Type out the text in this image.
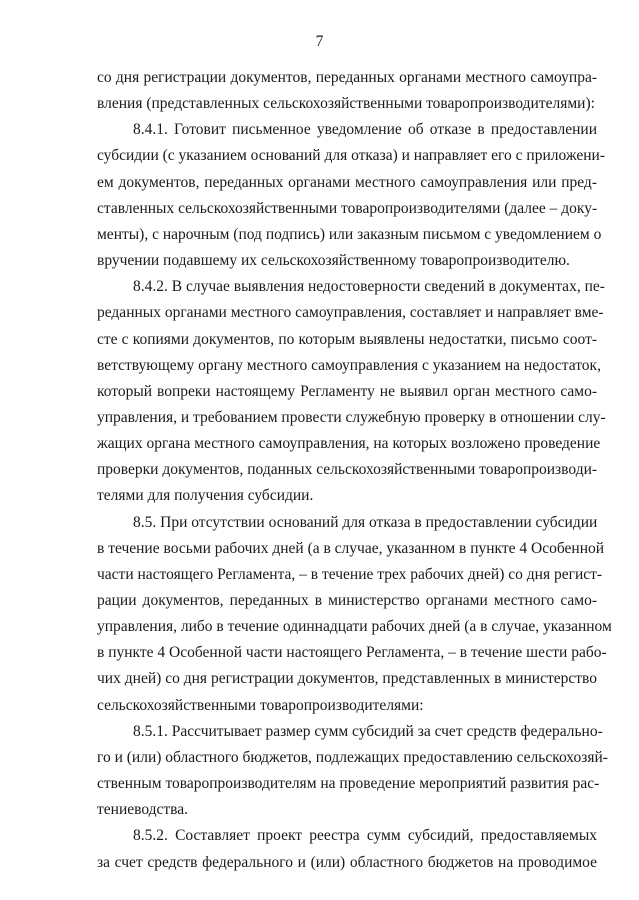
7
со дня регистрации документов, переданных органами местного самоупра-
вления (представленных сельскохозяйственными товаропроизводителями):
8.4.1. Готовит письменное уведомление об отказе в предоставлении
субсидии (с указанием оснований для отказа) и направляет его с приложени-
ем документов, переданных органами местного самоуправления или пред-
ставленных сельскохозяйственными товаропроизводителями (далее – доку-
менты), с нарочным (под подпись) или заказным письмом с уведомлением о
вручении подавшему их сельскохозяйственному товаропроизводителю.
8.4.2. В случае выявления недостоверности сведений в документах, пе-
реданных органами местного самоуправления, составляет и направляет вме-
сте с копиями документов, по которым выявлены недостатки, письмо соот-
ветствующему органу местного самоуправления с указанием на недостаток,
который вопреки настоящему Регламенту не выявил орган местного само-
управления, и требованием провести служебную проверку в отношении слу-
жащих органа местного самоуправления, на которых возложено проведение
проверки документов, поданных сельскохозяйственными товаропроизводи-
телями для получения субсидии.
8.5. При отсутствии оснований для отказа в предоставлении субсидии
в течение восьми рабочих дней (а в случае, указанном в пункте 4 Особенной
части настоящего Регламента, – в течение трех рабочих дней) со дня регист-
рации документов, переданных в министерство органами местного само-
управления, либо в течение одиннадцати рабочих дней (а в случае, указанном
в пункте 4 Особенной части настоящего Регламента, – в течение шести рабо-
чих дней) со дня регистрации документов, представленных в министерство
сельскохозяйственными товаропроизводителями:
8.5.1. Рассчитывает размер сумм субсидий за счет средств федерально-
го и (или) областного бюджетов, подлежащих предоставлению сельскохозяй-
ственным товаропроизводителям на проведение мероприятий развития рас-
тениеводства.
8.5.2. Составляет проект реестра сумм субсидий, предоставляемых
за счет средств федерального и (или) областного бюджетов на проводимое
